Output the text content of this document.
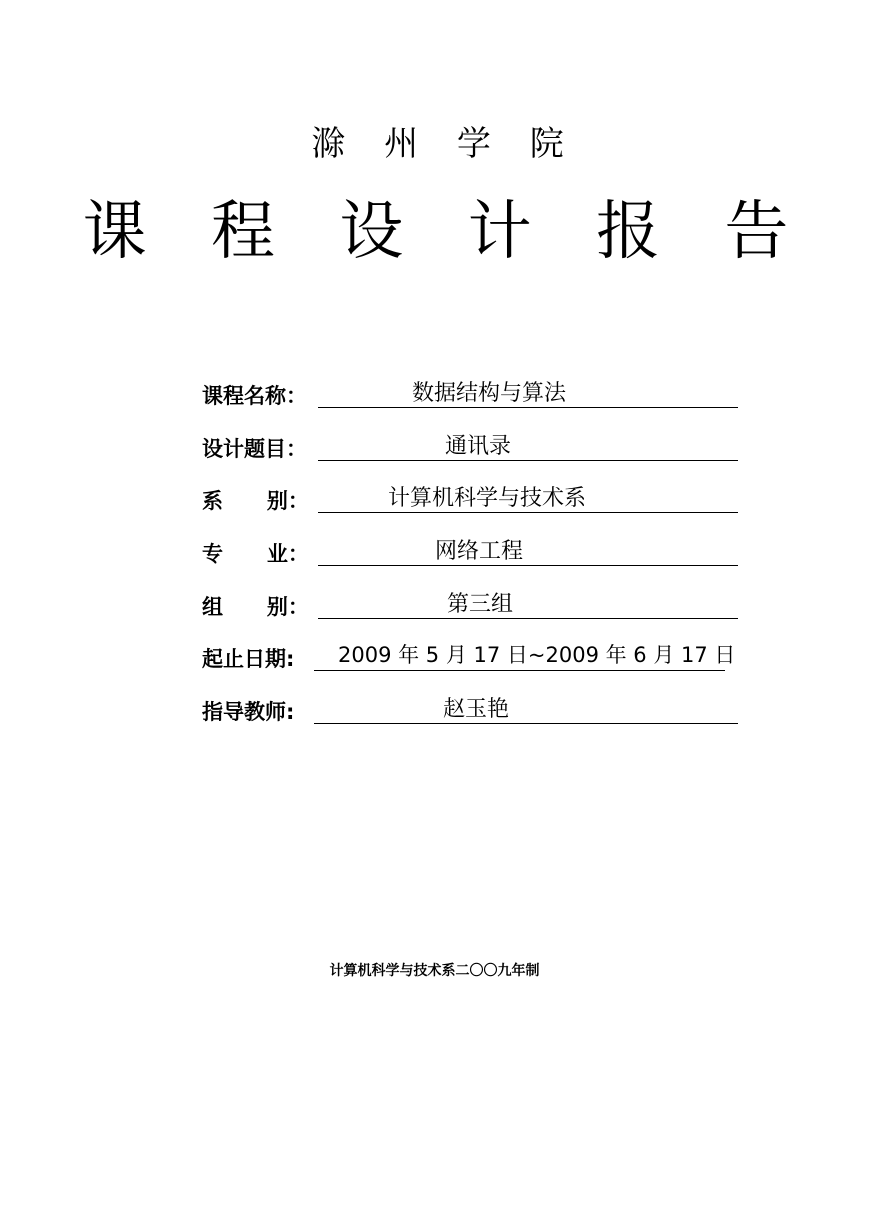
滁 州 学 院
课 程 设 计 报 告
课程名称：	数据结构与算法
设计题目：	通讯录
系      别：	计算机科学与技术系
专      业：	网络工程
组      别：	第三组
起止日期: 2009 年 5 月 17 日~2009 年 6 月 17 日
指导教师:	赵玉艳
计算机科学与技术系二〇〇九年制
